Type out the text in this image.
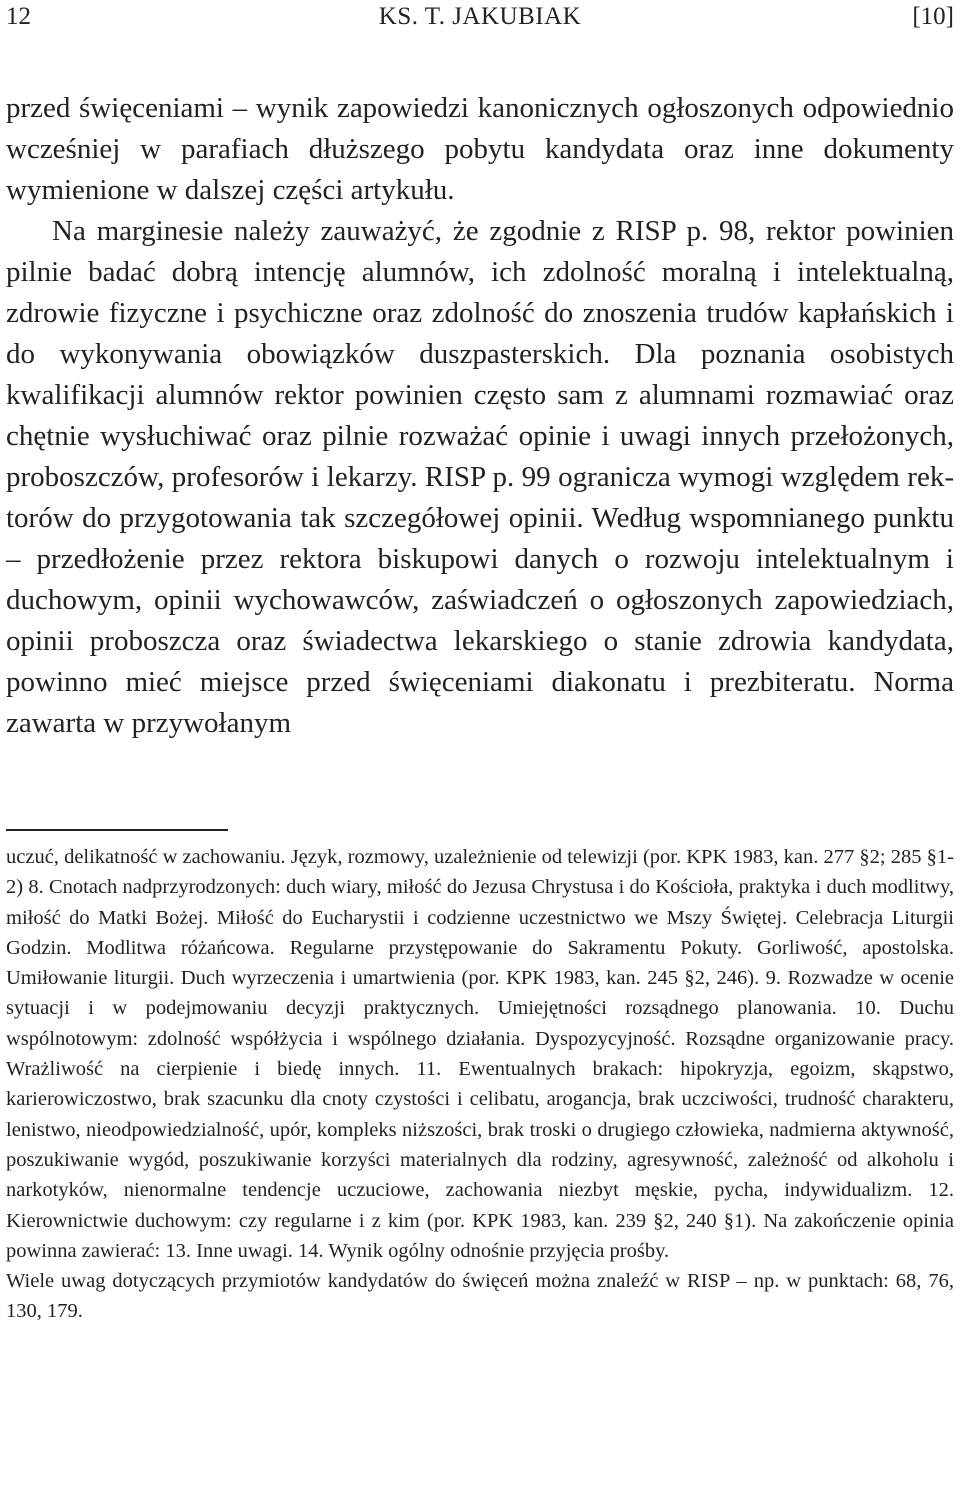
12	KS. T. JAKUBIAK	[10]

przed święceniami – wynik zapowiedzi kanonicznych ogłoszonych odpowiednio wcześniej w parafiach dłuższego pobytu kandydata oraz inne dokumenty wymienione w dalszej części artykułu.

Na marginesie należy zauważyć, że zgodnie z RISP p. 98, rektor powinien pilnie badać dobrą intencję alumnów, ich zdolność moralną i intelektualną, zdrowie fizyczne i psychiczne oraz zdolność do znoszenia trudów kapłańskich i do wykonywania obowiązków duszpasterskich. Dla poznania osobistych kwalifikacji alumnów rektor powinien często sam z alumnami rozmawiać oraz chętnie wysłuchiwać oraz pilnie rozważać opinie i uwagi innych przełożonych, proboszczów, profesorów i lekarzy. RISP p. 99 ogranicza wymogi względem rektorów do przygotowania tak szczegółowej opinii. Według wspomnianego punktu – przedłożenie przez rektora biskupowi danych o rozwoju intelektualnym i duchowym, opinii wychowawców, zaświadczeń o ogłoszonych zapowiedziach, opinii proboszcza oraz świadectwa lekarskiego o stanie zdrowia kandydata, powinno mieć miejsce przed święceniami diakonatu i prezbiteratu. Norma zawarta w przywołanym

uczuć, delikatność w zachowaniu. Język, rozmowy, uzależnienie od telewizji (por. KPK 1983, kan. 277 §2; 285 §1-2) 8. Cnotach nadprzyrodzonych: duch wiary, miłość do Jezusa Chrystusa i do Kościoła, praktyka i duch modlitwy, miłość do Matki Bożej. Miłość do Eucharystii i codzienne uczestnictwo we Mszy Świętej. Celebracja Liturgii Godzin. Modlitwa różańcowa. Regularne przystępowanie do Sakramentu Pokuty. Gorliwość, apostolska. Umiłowanie liturgii. Duch wyrzeczenia i umartwienia (por. KPK 1983, kan. 245 §2, 246). 9. Rozwadze w ocenie sytuacji i w podejmowaniu decyzji praktycznych. Umiejętności rozsądnego planowania. 10. Duchu wspólnotowym: zdolność współżycia i wspólnego działania. Dyspozycyjność. Rozsądne organizowanie pracy. Wrażliwość na cierpienie i biedę innych. 11. Ewentualnych brakach: hipokryzja, egoizm, skąpstwo, karierowiczostwo, brak szacunku dla cnoty czystości i celibatu, arogancja, brak uczciwości, trudność charakteru, lenistwo, nieodpowiedzialność, upór, kompleks niższości, brak troski o drugiego człowieka, nadmierna aktywność, poszukiwanie wygód, poszukiwanie korzyści materialnych dla rodziny, agresywność, zależność od alkoholu i narkotyków, nienormalne tendencje uczuciowe, zachowania niezbyt męskie, pycha, indywidualizm. 12. Kierownictwie duchowym: czy regularne i z kim (por. KPK 1983, kan. 239 §2, 240 §1). Na zakończenie opinia powinna zawierać: 13. Inne uwagi. 14. Wynik ogólny odnośnie przyjęcia prośby.

Wiele uwag dotyczących przymiotów kandydatów do święceń można znaleźć w RISP – np. w punktach: 68, 76, 130, 179.
